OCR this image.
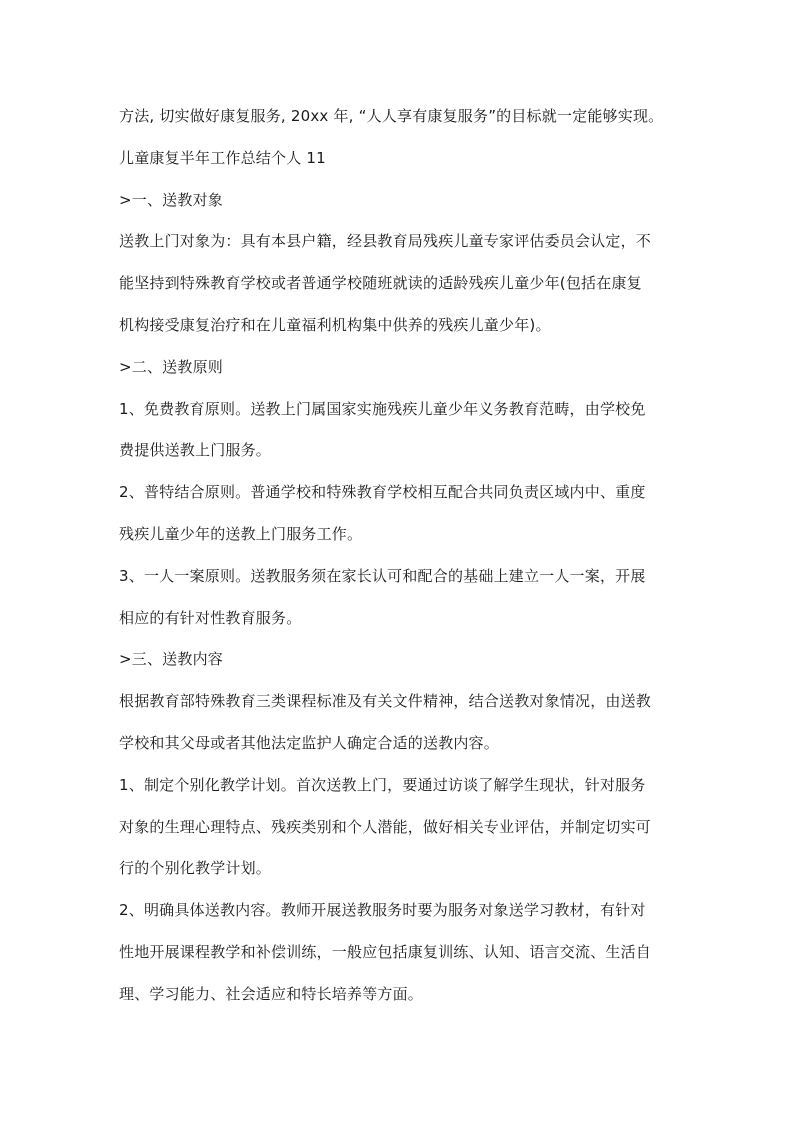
方法, 切实做好康复服务, 20xx 年, “人人享有康复服务”的目标就一定能够实现。
儿童康复半年工作总结个人 11
>一、送教对象
送教上门对象为：具有本县户籍，经县教育局残疾儿童专家评估委员会认定，不
能坚持到特殊教育学校或者普通学校随班就读的适龄残疾儿童少年(包括在康复
机构接受康复治疗和在儿童福利机构集中供养的残疾儿童少年)。
>二、送教原则
1、免费教育原则。送教上门属国家实施残疾儿童少年义务教育范畴，由学校免
费提供送教上门服务。
2、普特结合原则。普通学校和特殊教育学校相互配合共同负责区域内中、重度
残疾儿童少年的送教上门服务工作。
3、一人一案原则。送教服务须在家长认可和配合的基础上建立一人一案，开展
相应的有针对性教育服务。
>三、送教内容
根据教育部特殊教育三类课程标准及有关文件精神，结合送教对象情况，由送教
学校和其父母或者其他法定监护人确定合适的送教内容。
1、制定个别化教学计划。首次送教上门，要通过访谈了解学生现状，针对服务
对象的生理心理特点、残疾类别和个人潜能，做好相关专业评估，并制定切实可
行的个别化教学计划。
2、明确具体送教内容。教师开展送教服务时要为服务对象送学习教材，有针对
性地开展课程教学和补偿训练，一般应包括康复训练、认知、语言交流、生活自
理、学习能力、社会适应和特长培养等方面。
